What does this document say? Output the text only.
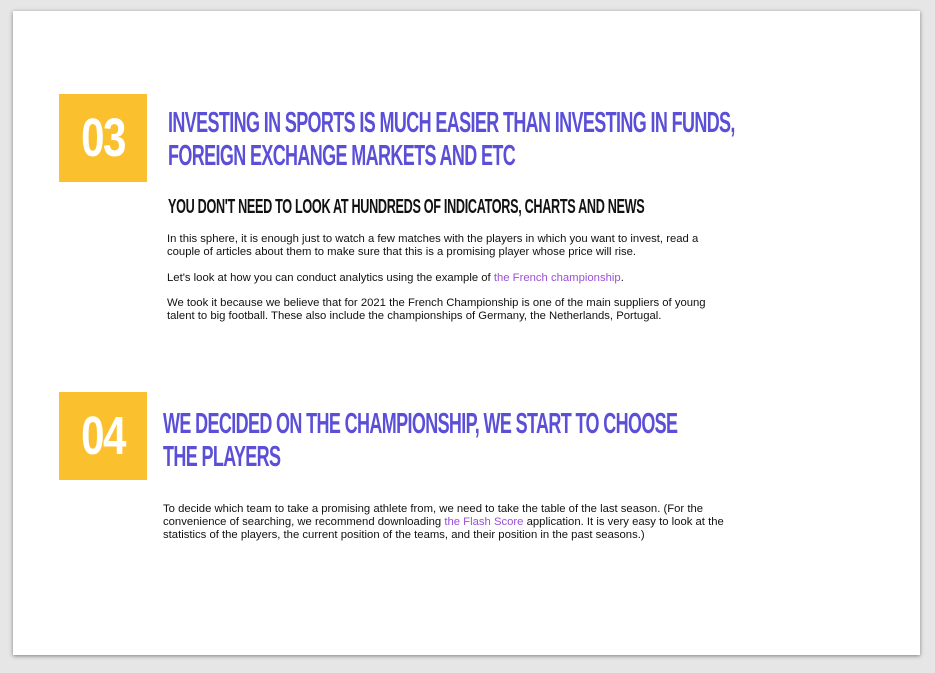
03 INVESTING IN SPORTS IS MUCH EASIER THAN INVESTING IN FUNDS,
FOREIGN EXCHANGE MARKETS AND ETC
YOU DON'T NEED TO LOOK AT HUNDREDS OF INDICATORS, CHARTS AND NEWS

In this sphere, it is enough just to watch a few matches with the players in which you want to invest, read a couple of articles about them to make sure that this is a promising player whose price will rise.

Let's look at how you can conduct analytics using the example of the French championship.

We took it because we believe that for 2021 the French Championship is one of the main suppliers of young talent to big football. These also include the championships of Germany, the Netherlands, Portugal.

04 WE DECIDED ON THE CHAMPIONSHIP, WE START TO CHOOSE
THE PLAYERS

To decide which team to take a promising athlete from, we need to take the table of the last season. (For the convenience of searching, we recommend downloading the Flash Score application. It is very easy to look at the statistics of the players, the current position of the teams, and their position in the past seasons.)
